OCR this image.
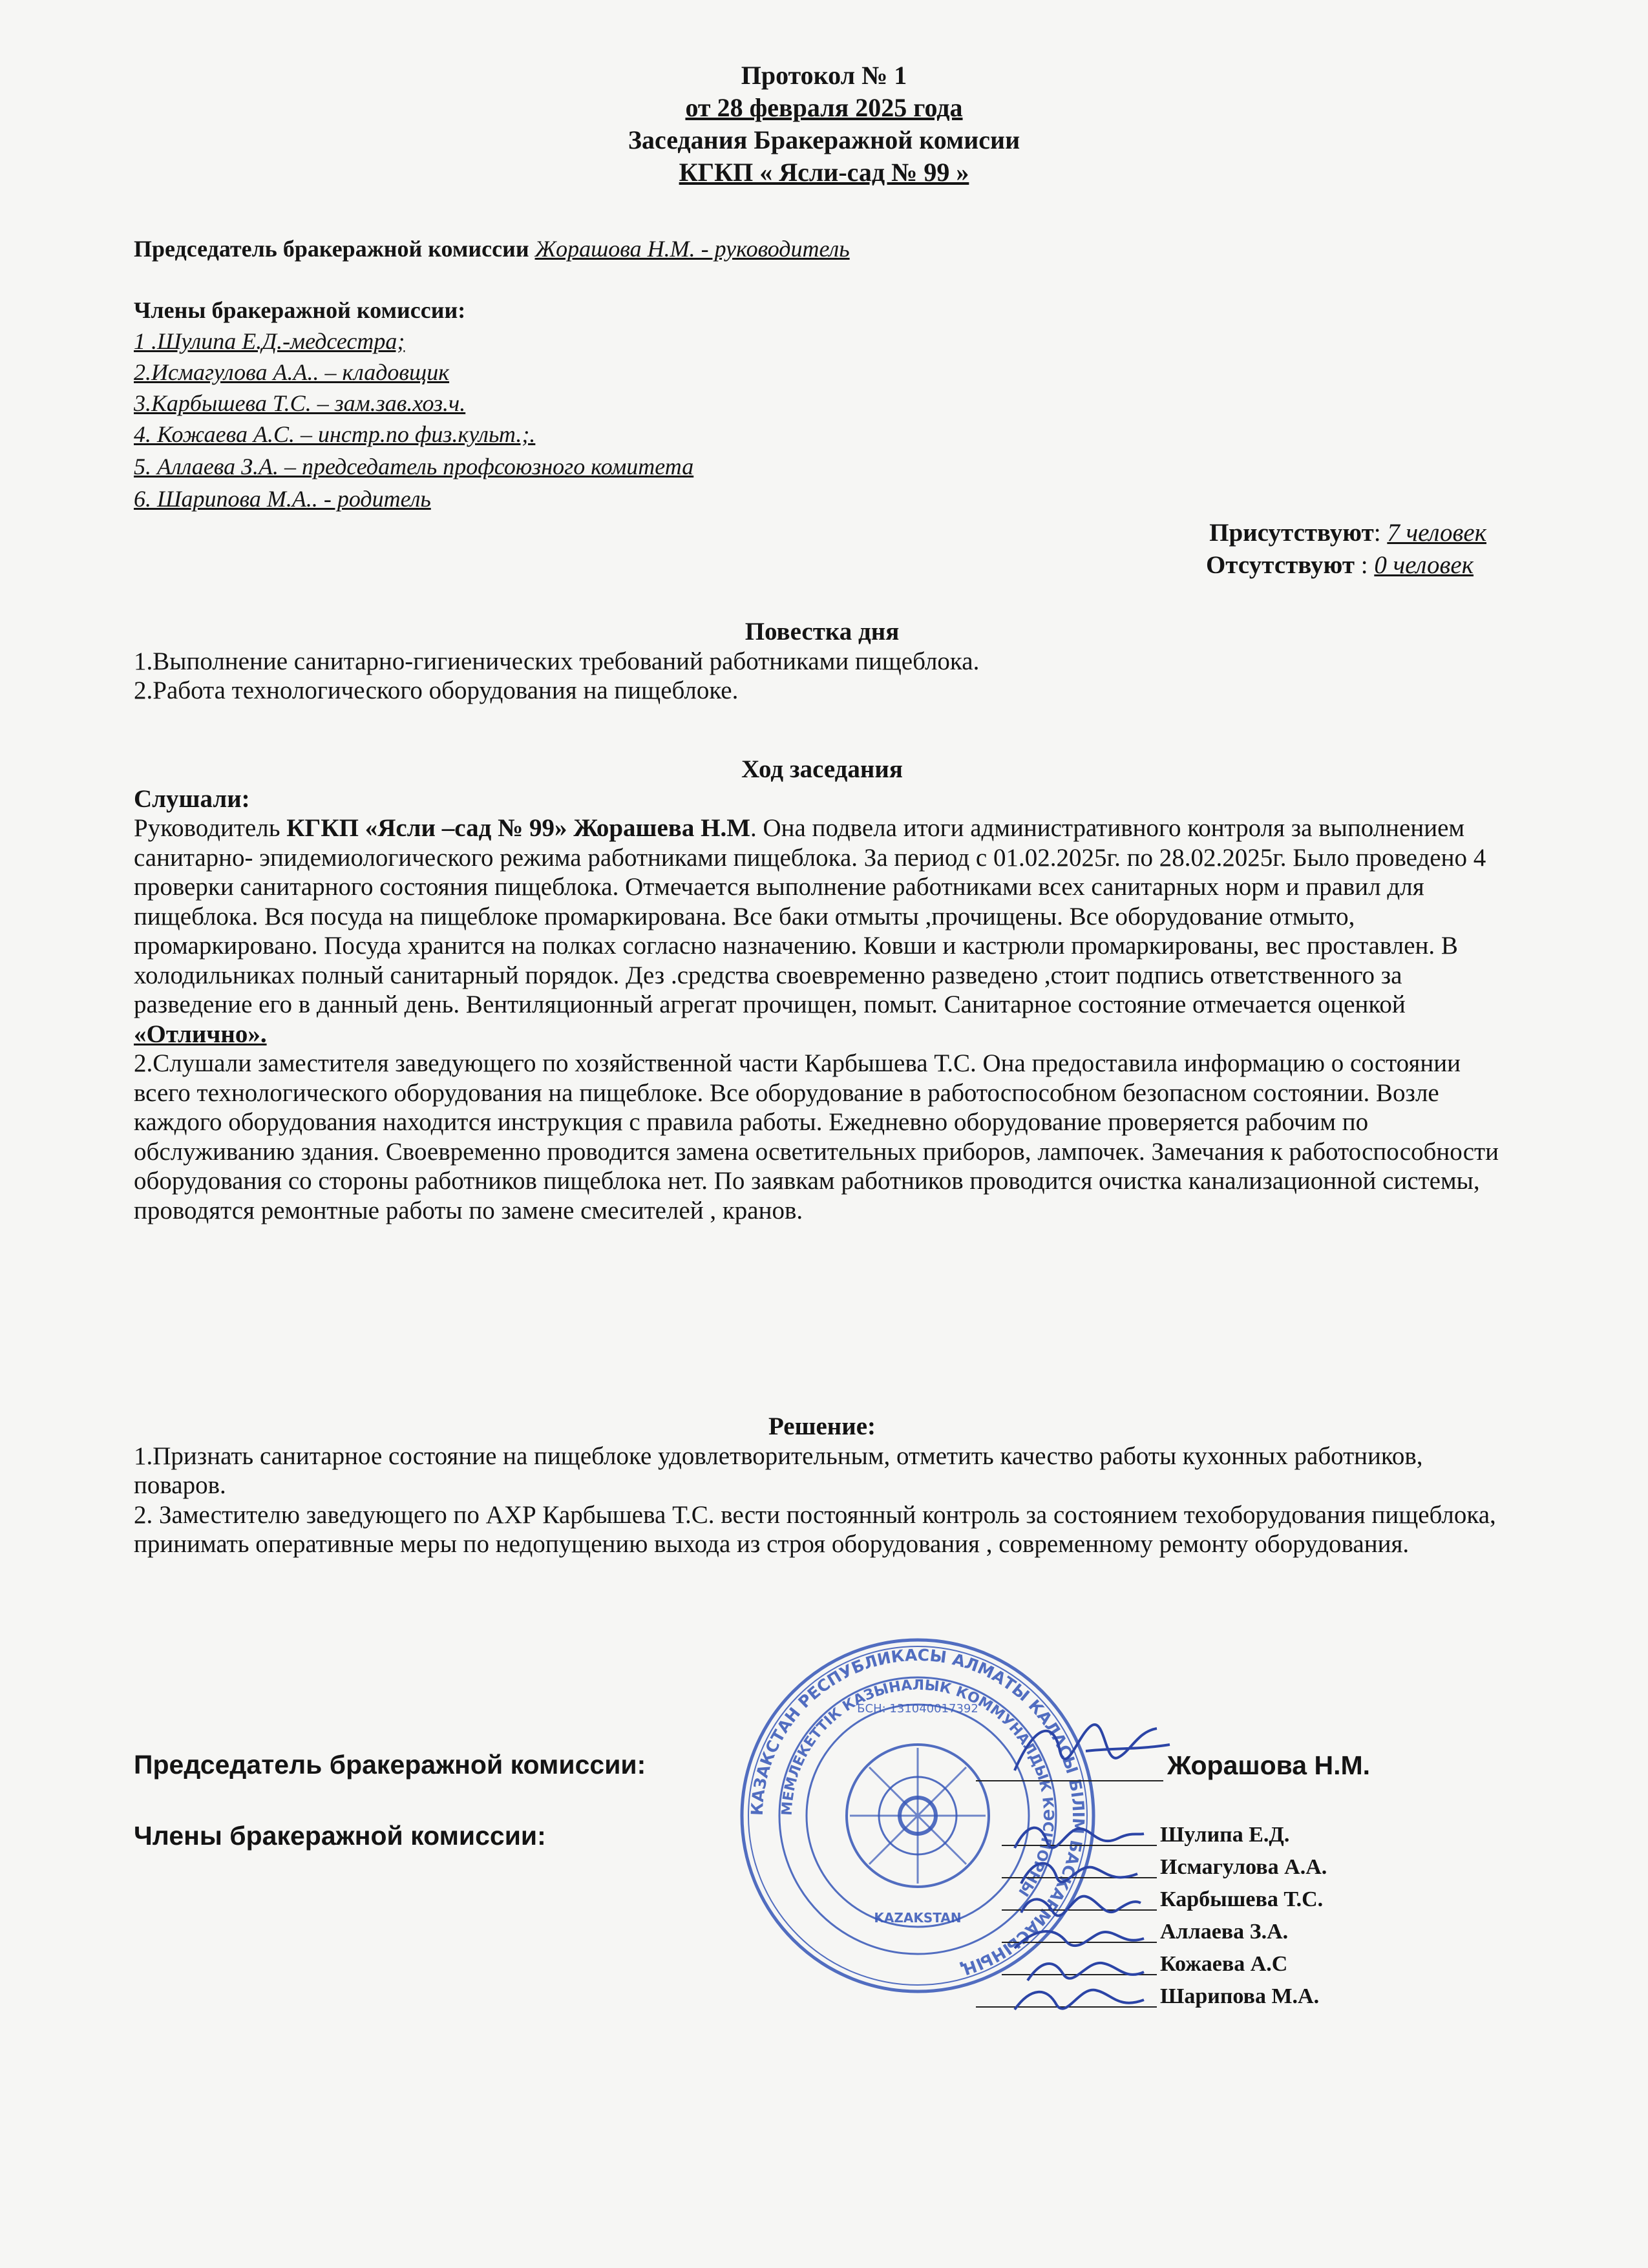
Протокол № 1
от 28 февраля 2025 года
Заседания Бракеражной комисии
КГКП « Ясли-сад № 99 »
Председатель бракеражной комиссии Жорашова Н.М. - руководитель
Члены бракеражной комиссии:
1 .Шулипа Е.Д.-медсестра;
2.Исмагулова А.А.. – кладовщик
3.Карбышева Т.С. – зам.зав.хоз.ч.
4. Кожаева А.С. – инстр.по физ.культ.;.
5. Аллаева З.А. – председатель профсоюзного комитета
6. Шарипова М.А.. - родитель
Присутствуют: 7 человек
Отсутствуют : 0 человек

Повестка дня

1.Выполнение санитарно-гигиенических требований работниками пищеблока.

2.Работа технологического оборудования на пищеблоке.

Ход заседания

Слушали:

Руководитель КГКП «Ясли –сад № 99» Жорашева Н.М. Она подвела итоги административного контроля за выполнением санитарно- эпидемиологического режима работниками пищеблока. За период с 01.02.2025г. по 28.02.2025г. Было проведено 4 проверки санитарного состояния пищеблока. Отмечается выполнение работниками всех санитарных норм и правил для пищеблока. Вся посуда на пищеблоке промаркирована. Все баки отмыты ,прочищены. Все оборудование отмыто, промаркировано. Посуда хранится на полках согласно назначению. Ковши и кастрюли промаркированы, вес проставлен. В холодильниках полный санитарный порядок. Дез .средства своевременно разведено ,стоит подпись ответственного за разведение его в данный день. Вентиляционный агрегат прочищен, помыт. Санитарное состояние отмечается оценкой «Отлично».

2.Слушали заместителя заведующего по хозяйственной части Карбышева Т.С. Она предоставила информацию о состоянии всего технологического оборудования на пищеблоке. Все оборудование в работоспособном безопасном состоянии. Возле каждого оборудования находится инструкция с правила работы. Ежедневно оборудование проверяется рабочим по обслуживанию здания. Своевременно проводится замена осветительных приборов, лампочек. Замечания к работоспособности оборудования со стороны работников пищеблока нет. По заявкам работников проводится очистка канализационной системы, проводятся ремонтные работы по замене смесителей , кранов.

Решение:

1.Признать санитарное состояние на пищеблоке удовлетворительным, отметить качество работы кухонных работников, поваров.

2. Заместителю заведующего по АХР Карбышева Т.С. вести постоянный контроль за состоянием техоборудования пищеблока, принимать оперативные меры по недопущению выхода из строя оборудования , современному ремонту оборудования.

КАЗАКСТАН РЕСПУБЛИКАСЫ АЛМАТЫ КАЛАСЫ БІЛІМ БАСКАРМАСЫНЫҢ
МЕМЛЕКЕТТІК КАЗЫНАЛЫК КОММУНАЛДЫК КӘСІПОРНЫ
БСН: 131040017392
KAZAKSTAN
Председатель бракеражной комиссии:	Жорашова Н.М.
Члены бракеражной комиссии:	Шулипа Е.Д.
Исмагулова А.А.
Карбышева Т.С.
Аллаева З.А.
Кожаева А.С
Шарипова М.А.
